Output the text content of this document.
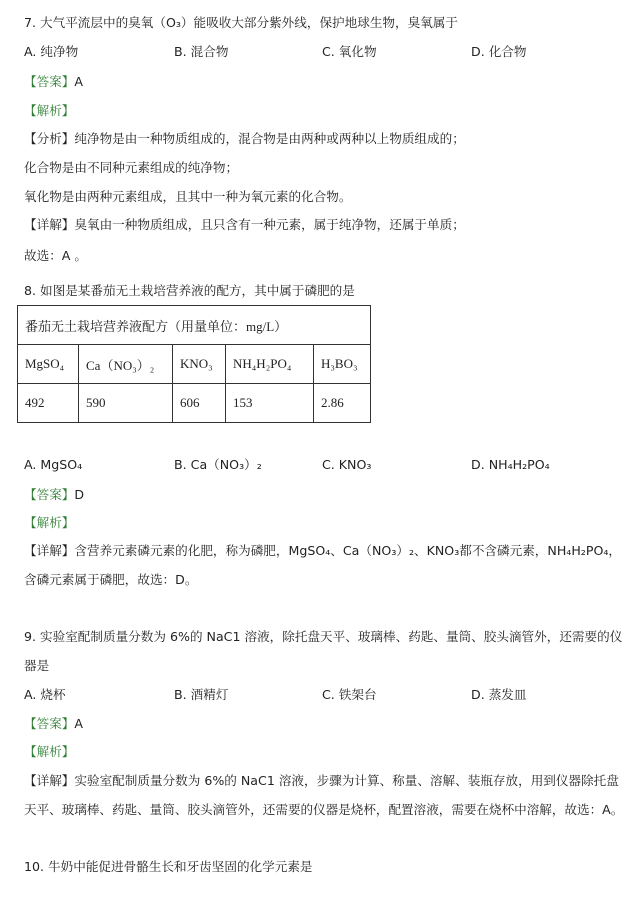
7. 大气平流层中的臭氧（O₃）能吸收大部分紫外线，保护地球生物，臭氧属于
A. 纯净物	B. 混合物	C. 氧化物	D. 化合物
【答案】A
【解析】
【分析】纯净物是由一种物质组成的，混合物是由两种或两种以上物质组成的；
化合物是由不同种元素组成的纯净物；
氧化物是由两种元素组成，且其中一种为氧元素的化合物。
【详解】臭氧由一种物质组成，且只含有一种元素，属于纯净物，还属于单质；
故选：A 。
8. 如图是某番茄无土栽培营养液的配方，其中属于磷肥的是
番茄无土栽培营养液配方（用量单位：mg/L）				
MgSO₄	Ca（NO₃）₂	KNO₃	NH₄H₂PO₄	H₃BO₃
492	590	606	153	2.86
A. MgSO₄	B. Ca（NO₃）₂	C. KNO₃	D. NH₄H₂PO₄
【答案】D
【解析】
【详解】含营养元素磷元素的化肥，称为磷肥，MgSO₄、Ca（NO₃）₂、KNO₃都不含磷元素，NH₄H₂PO₄，
含磷元素属于磷肥，故选：D。
9. 实验室配制质量分数为 6%的 NaC1 溶液，除托盘天平、玻璃棒、药匙、量筒、胶头滴管外，还需要的仪
器是
A. 烧杯	B. 酒精灯	C. 铁架台	D. 蒸发皿
【答案】A
【解析】
【详解】实验室配制质量分数为 6%的 NaC1 溶液，步骤为计算、称量、溶解、装瓶存放，用到仪器除托盘
天平、玻璃棒、药匙、量筒、胶头滴管外，还需要的仪器是烧杯，配置溶液，需要在烧杯中溶解，故选：A。
10. 牛奶中能促进骨骼生长和牙齿坚固的化学元素是
